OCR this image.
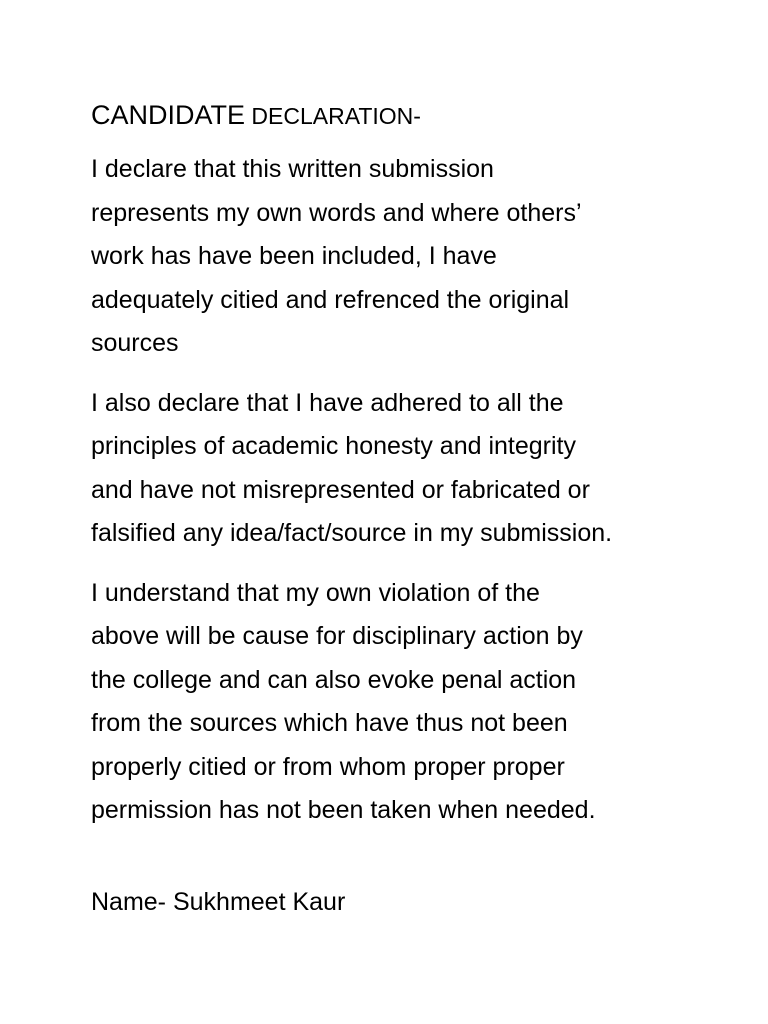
CANDIDATE DECLARATION-

I declare that this written submission
represents my own words and where others’
work has have been included, I have
adequately citied and refrenced the original
sources

I also declare that I have adhered to all the
principles of academic honesty and integrity
and have not misrepresented or fabricated or
falsified any idea/fact/source in my submission.

I understand that my own violation of the
above will be cause for disciplinary action by
the college and can also evoke penal action
from the sources which have thus not been
properly citied or from whom proper proper
permission has not been taken when needed.

Name- Sukhmeet Kaur
